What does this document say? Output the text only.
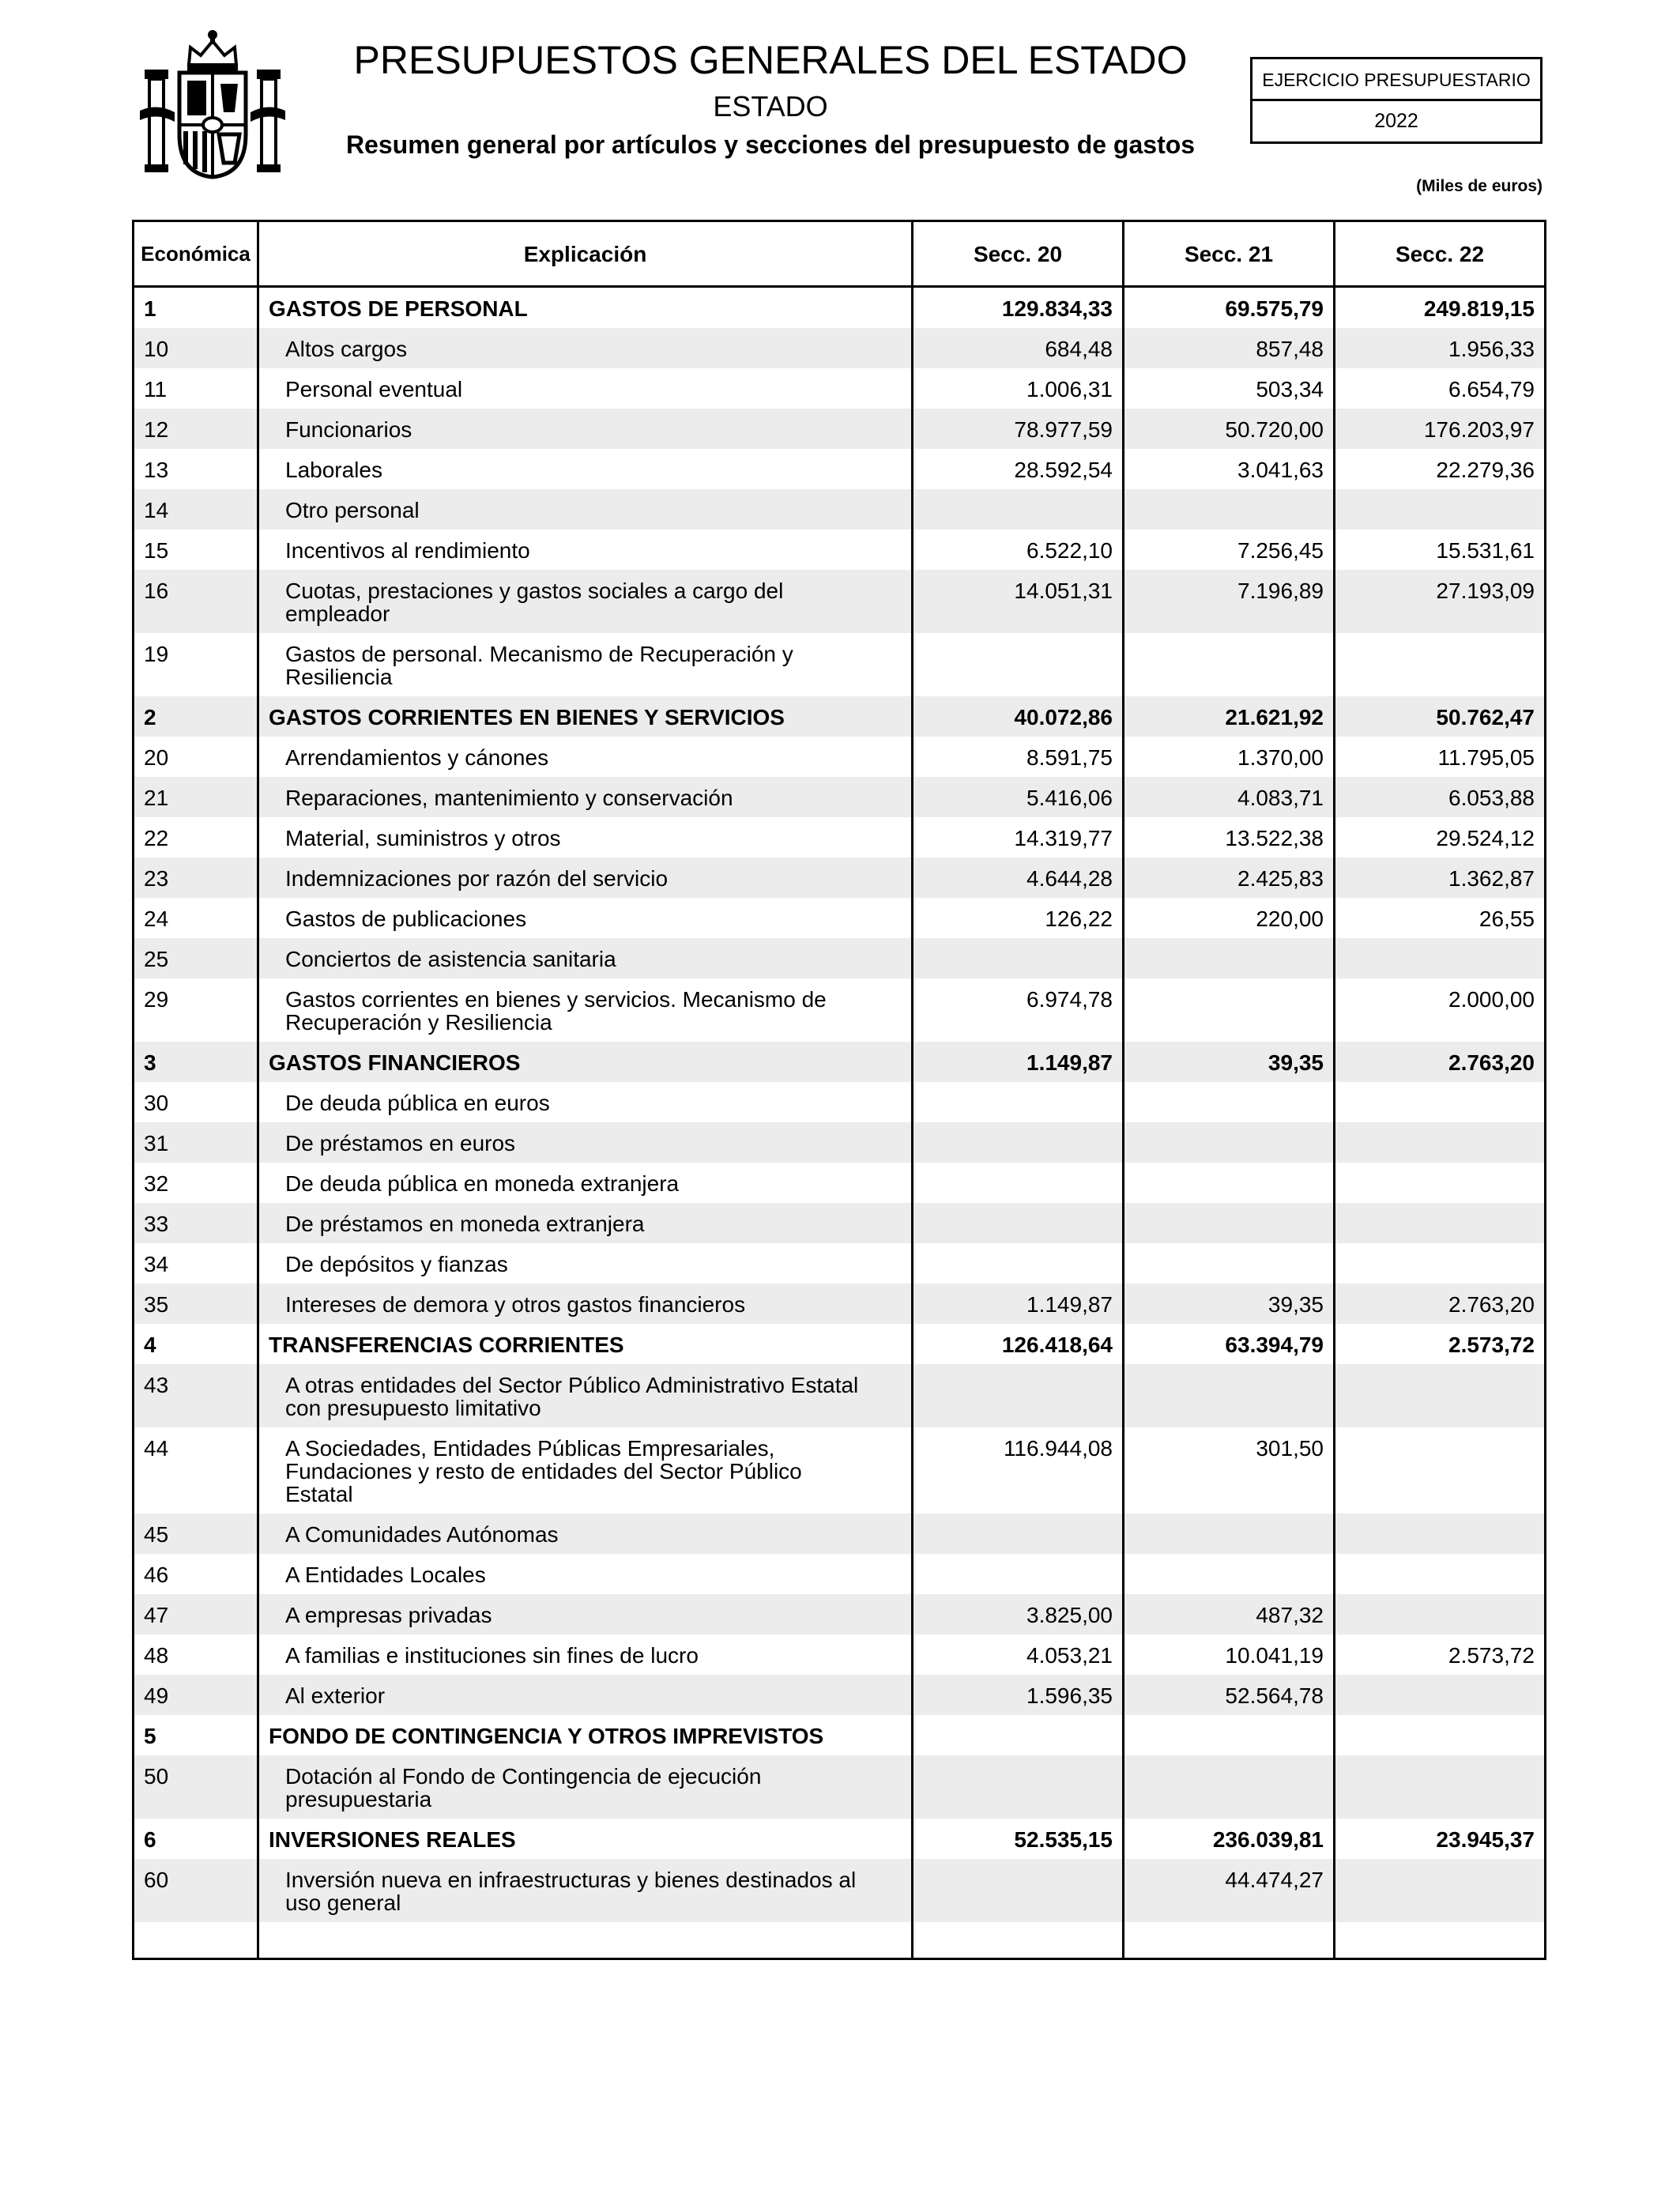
PRESUPUESTOS GENERALES DEL ESTADO
ESTADO
Resumen general por artículos y secciones del presupuesto de gastos
EJERCICIO PRESUPUESTARIO
2022
(Miles de euros)
Económica	Explicación	Secc. 20	Secc. 21	Secc. 22
1	GASTOS DE PERSONAL	129.834,33	69.575,79	249.819,15
10	Altos cargos	684,48	857,48	1.956,33
11	Personal eventual	1.006,31	503,34	6.654,79
12	Funcionarios	78.977,59	50.720,00	176.203,97
13	Laborales	28.592,54	3.041,63	22.279,36
14	Otro personal			
15	Incentivos al rendimiento	6.522,10	7.256,45	15.531,61
16	Cuotas, prestaciones y gastos sociales a cargo del
empleador	14.051,31	7.196,89	27.193,09
19	Gastos de personal. Mecanismo de Recuperación y
Resiliencia			

2	GASTOS CORRIENTES EN BIENES Y SERVICIOS	40.072,86	21.621,92	50.762,47
20	Arrendamientos y cánones	8.591,75	1.370,00	11.795,05
21	Reparaciones, mantenimiento y conservación	5.416,06	4.083,71	6.053,88
22	Material, suministros y otros	14.319,77	13.522,38	29.524,12
23	Indemnizaciones por razón del servicio	4.644,28	2.425,83	1.362,87
24	Gastos de publicaciones	126,22	220,00	26,55
25	Conciertos de asistencia sanitaria			
29	Gastos corrientes en bienes y servicios. Mecanismo de
Recuperación y Resiliencia	6.974,78		2.000,00
3	GASTOS FINANCIEROS	1.149,87	39,35	2.763,20
30	De deuda pública en euros			
31	De préstamos en euros			
32	De deuda pública en moneda extranjera			
33	De préstamos en moneda extranjera			
34	De depósitos y fianzas			
35	Intereses de demora y otros gastos financieros	1.149,87	39,35	2.763,20
4	TRANSFERENCIAS CORRIENTES	126.418,64	63.394,79	2.573,72
43	A otras entidades del Sector Público Administrativo Estatal
con presupuesto limitativo			

44	A Sociedades, Entidades Públicas Empresariales,
Fundaciones y resto de entidades del Sector Público
Estatal	116.944,08	301,50	
45	A Comunidades Autónomas			
46	A Entidades Locales			
47	A empresas privadas	3.825,00	487,32	
48	A familias e instituciones sin fines de lucro	4.053,21	10.041,19	2.573,72
49	Al exterior	1.596,35	52.564,78	
5	FONDO DE CONTINGENCIA Y OTROS IMPREVISTOS			
50	Dotación al Fondo de Contingencia de ejecución
presupuestaria			

6	INVERSIONES REALES	52.535,15	236.039,81	23.945,37
60	Inversión nueva en infraestructuras y bienes destinados al
uso general		44.474,27	
